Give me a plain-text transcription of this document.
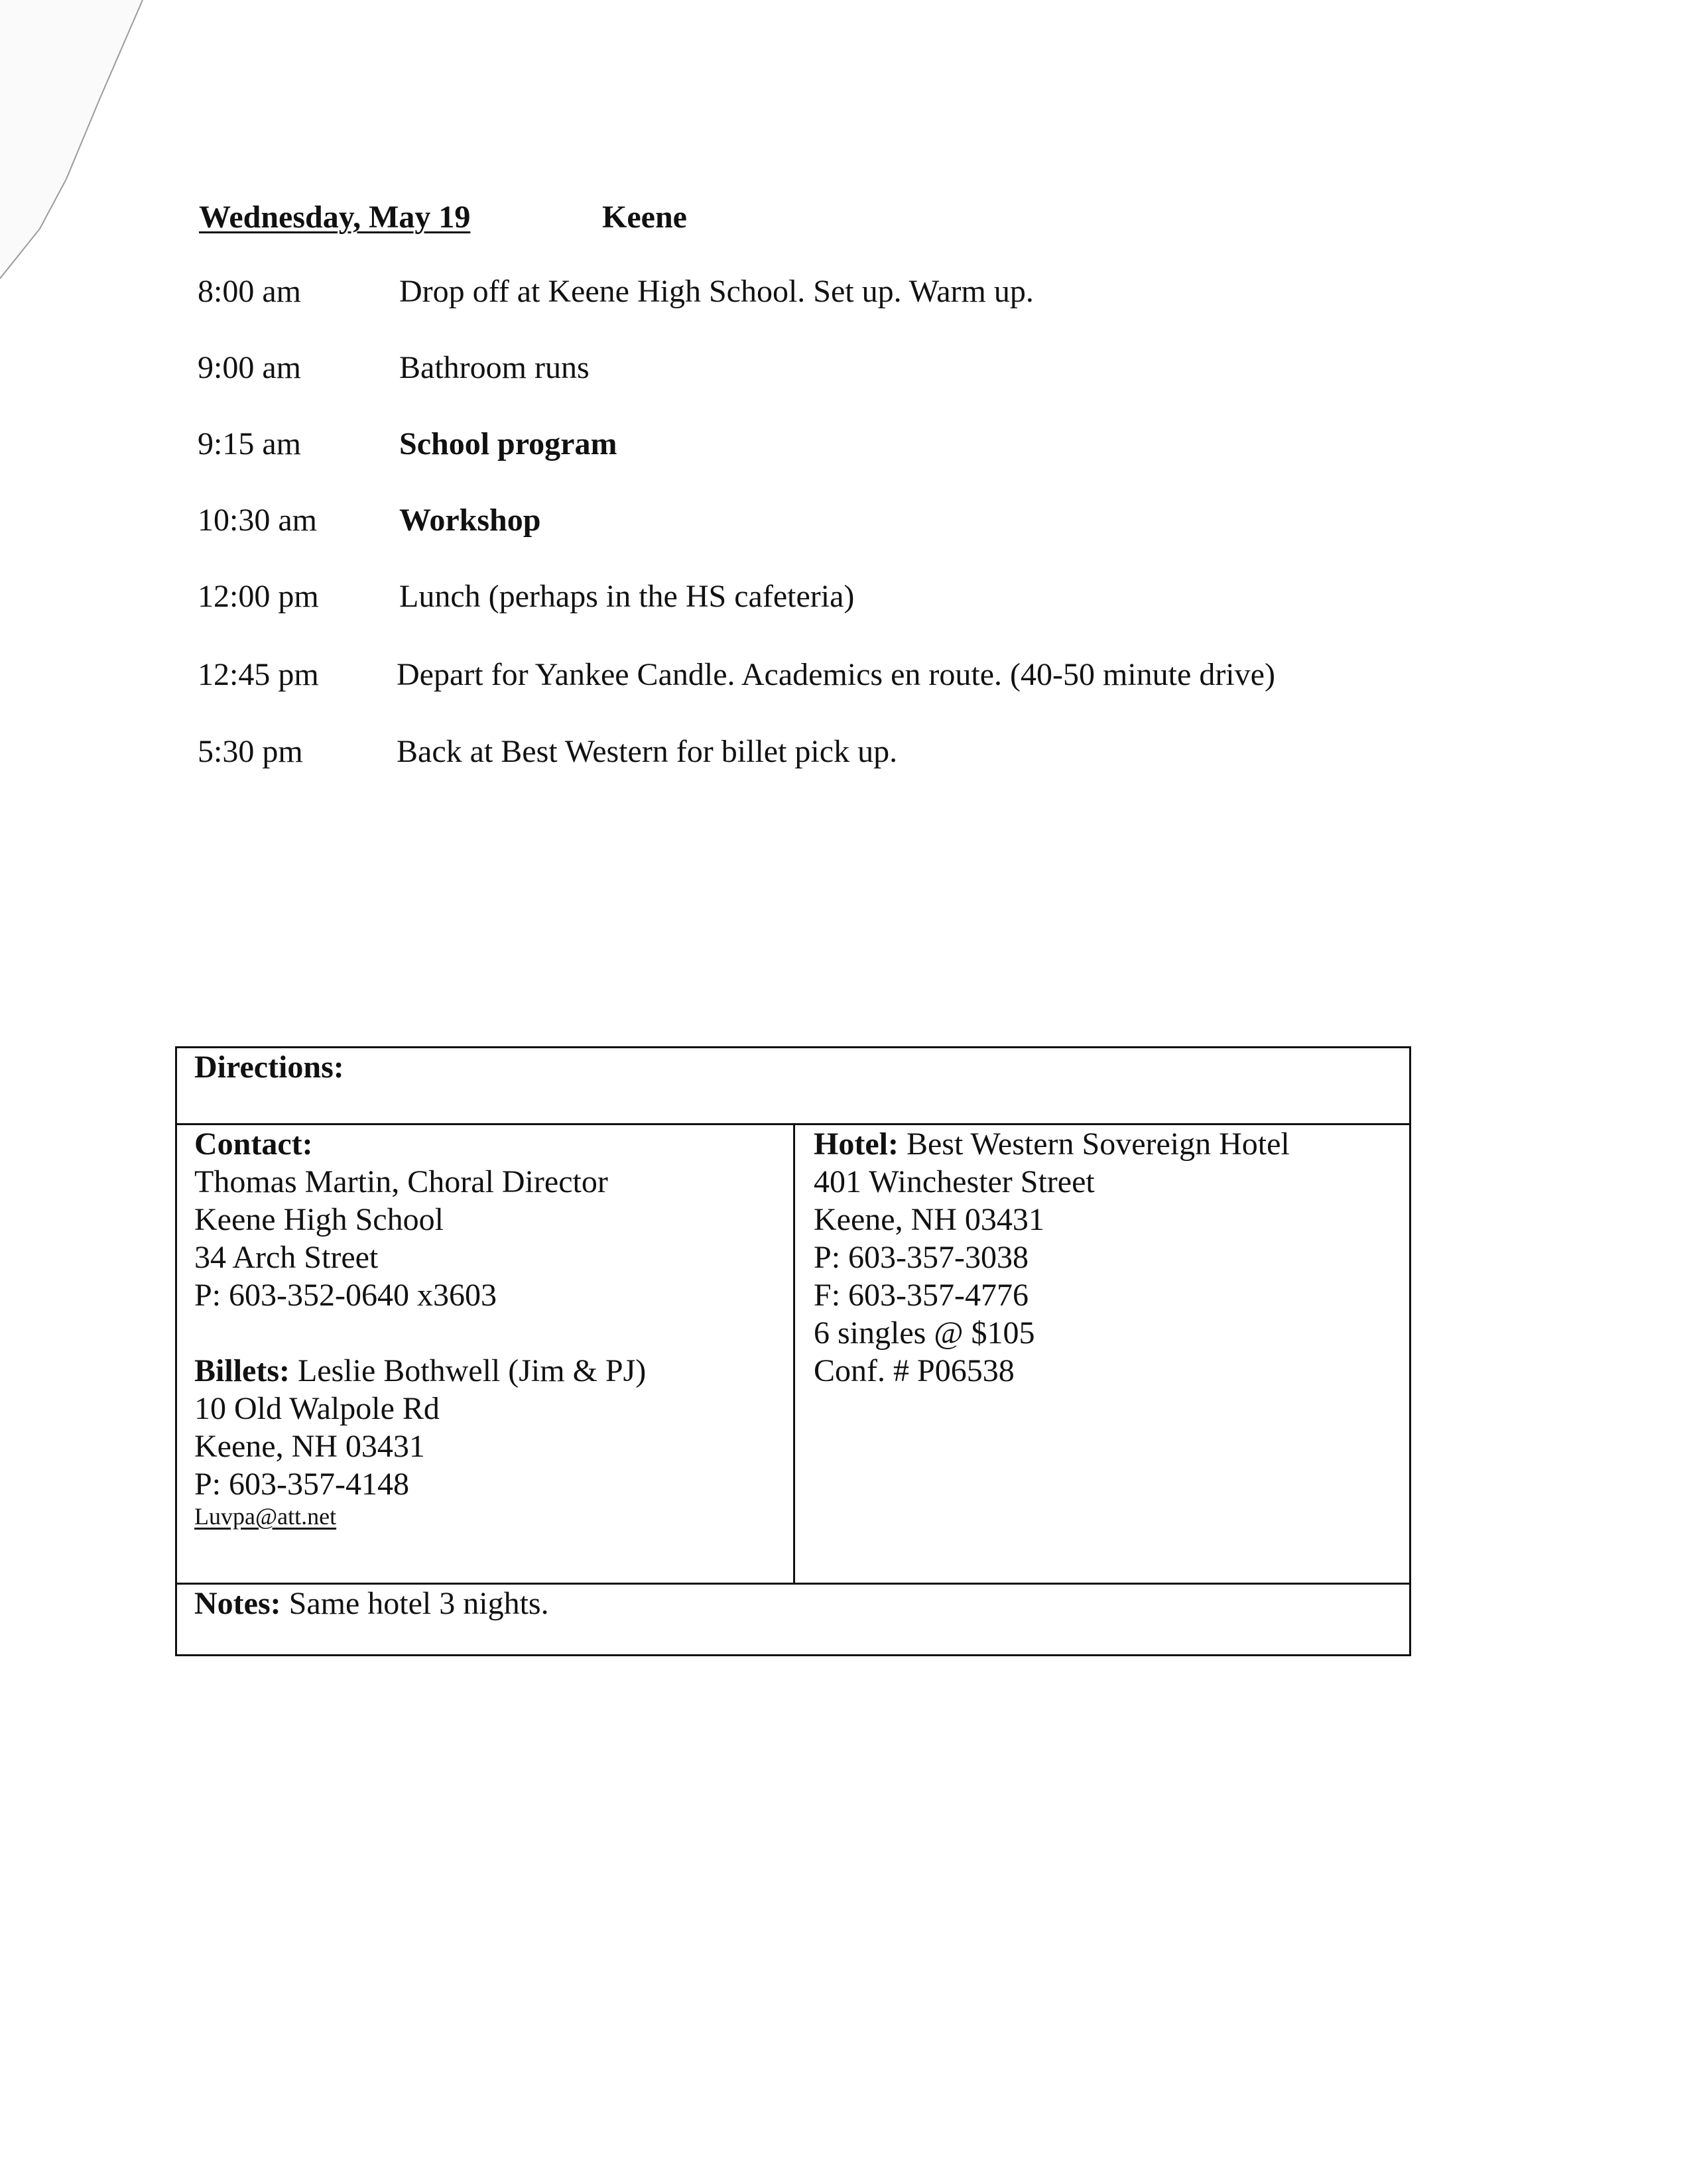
Wednesday, May 19	Keene
8:00 am	Drop off at Keene High School. Set up. Warm up.
9:00 am	Bathroom runs
9:15 am	School program
10:30 am	Workshop
12:00 pm	Lunch (perhaps in the HS cafeteria)
12:45 pm Depart for Yankee Candle. Academics en route. (40-50 minute drive)
5:30 pm	Back at Best Western for billet pick up.
Directions:
Contact:
Thomas Martin, Choral Director
Keene High School
34 Arch Street
P: 603-352-0640 x3603
Billets: Leslie Bothwell (Jim & PJ)
10 Old Walpole Rd
Keene, NH 03431
P: 603-357-4148
Luvpa@att.net
Hotel: Best Western Sovereign Hotel
401 Winchester Street
Keene, NH 03431
P: 603-357-3038
F: 603-357-4776
6 singles @ $105
Conf. # P06538
Notes: Same hotel 3 nights.
